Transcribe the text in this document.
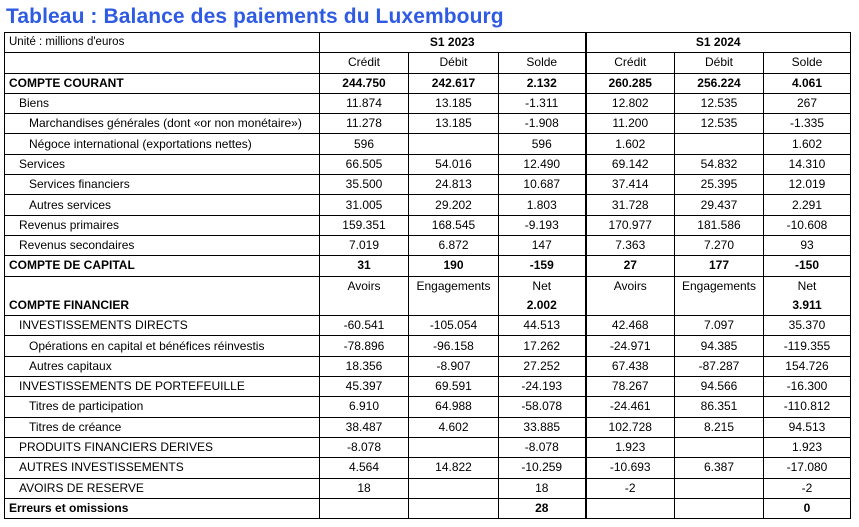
Tableau : Balance des paiements du Luxembourg
Unité : millions d'euros	S1 2023			S1 2024		
	Crédit	Débit	Solde	Crédit	Débit	Solde
COMPTE COURANT	244.750	242.617	2.132	260.285	256.224	4.061
Biens	11.874	13.185	-1.311	12.802	12.535	267
Marchandises générales (dont «or non monétaire»)	11.278	13.185	-1.908	11.200	12.535	-1.335
Négoce international (exportations nettes)	596		596	1.602		1.602
Services	66.505	54.016	12.490	69.142	54.832	14.310
Services financiers	35.500	24.813	10.687	37.414	25.395	12.019
Autres services	31.005	29.202	1.803	31.728	29.437	2.291
Revenus primaires	159.351	168.545	-9.193	170.977	181.586	-10.608
Revenus secondaires	7.019	6.872	147	7.363	7.270	93
COMPTE DE CAPITAL	31	190	-159	27	177	-150
	Avoirs	Engagements	Net	Avoirs	Engagements	Net
COMPTE FINANCIER			2.002			3.911
INVESTISSEMENTS DIRECTS	-60.541	-105.054	44.513	42.468	7.097	35.370
Opérations en capital et bénéfices réinvestis	-78.896	-96.158	17.262	-24.971	94.385	-119.355
Autres capitaux	18.356	-8.907	27.252	67.438	-87.287	154.726
INVESTISSEMENTS DE PORTEFEUILLE	45.397	69.591	-24.193	78.267	94.566	-16.300
Titres de participation	6.910	64.988	-58.078	-24.461	86.351	-110.812
Titres de créance	38.487	4.602	33.885	102.728	8.215	94.513
PRODUITS FINANCIERS DERIVES	-8.078		-8.078	1.923		1.923
AUTRES INVESTISSEMENTS	4.564	14.822	-10.259	-10.693	6.387	-17.080
AVOIRS DE RESERVE	18		18	-2		-2
Erreurs et omissions			28			0
